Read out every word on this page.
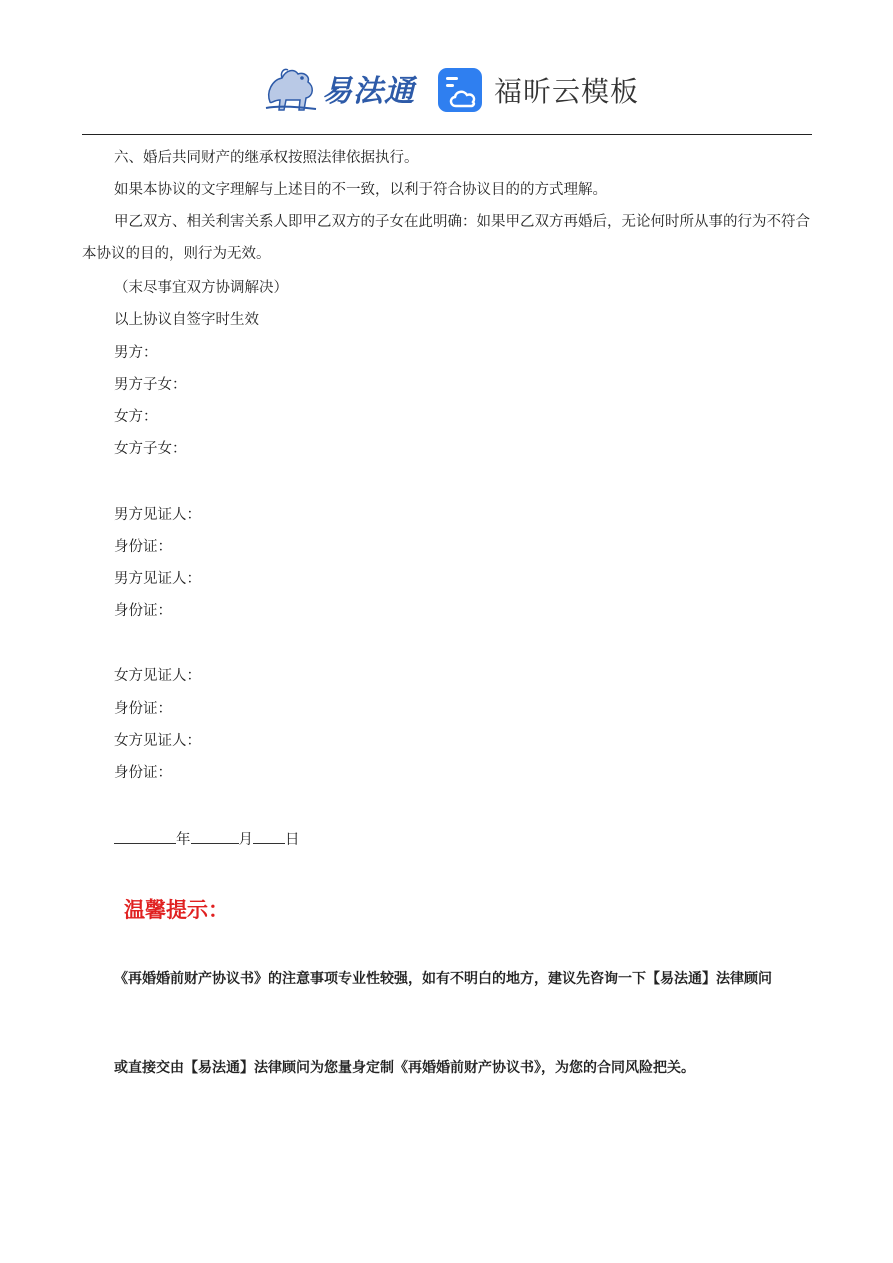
易法通	福昕云模板
六、婚后共同财产的继承权按照法律依据执行。
如果本协议的文字理解与上述目的不一致，以利于符合协议目的的方式理解。
甲乙双方、相关利害关系人即甲乙双方的子女在此明确：如果甲乙双方再婚后，无论何时所从事的行为不符合本协议的目的，则行为无效。
（末尽事宜双方协调解决）
以上协议自签字时生效
男方：
男方子女：
女方：
女方子女：
男方见证人：
身份证：
男方见证人：
身份证：
女方见证人：
身份证：
女方见证人：
身份证：
年	月 日
温馨提示：
《再婚婚前财产协议书》的注意事项专业性较强，如有不明白的地方，建议先咨询一下【易法通】法律顾问
或直接交由【易法通】法律顾问为您量身定制《再婚婚前财产协议书》，为您的合同风险把关。
